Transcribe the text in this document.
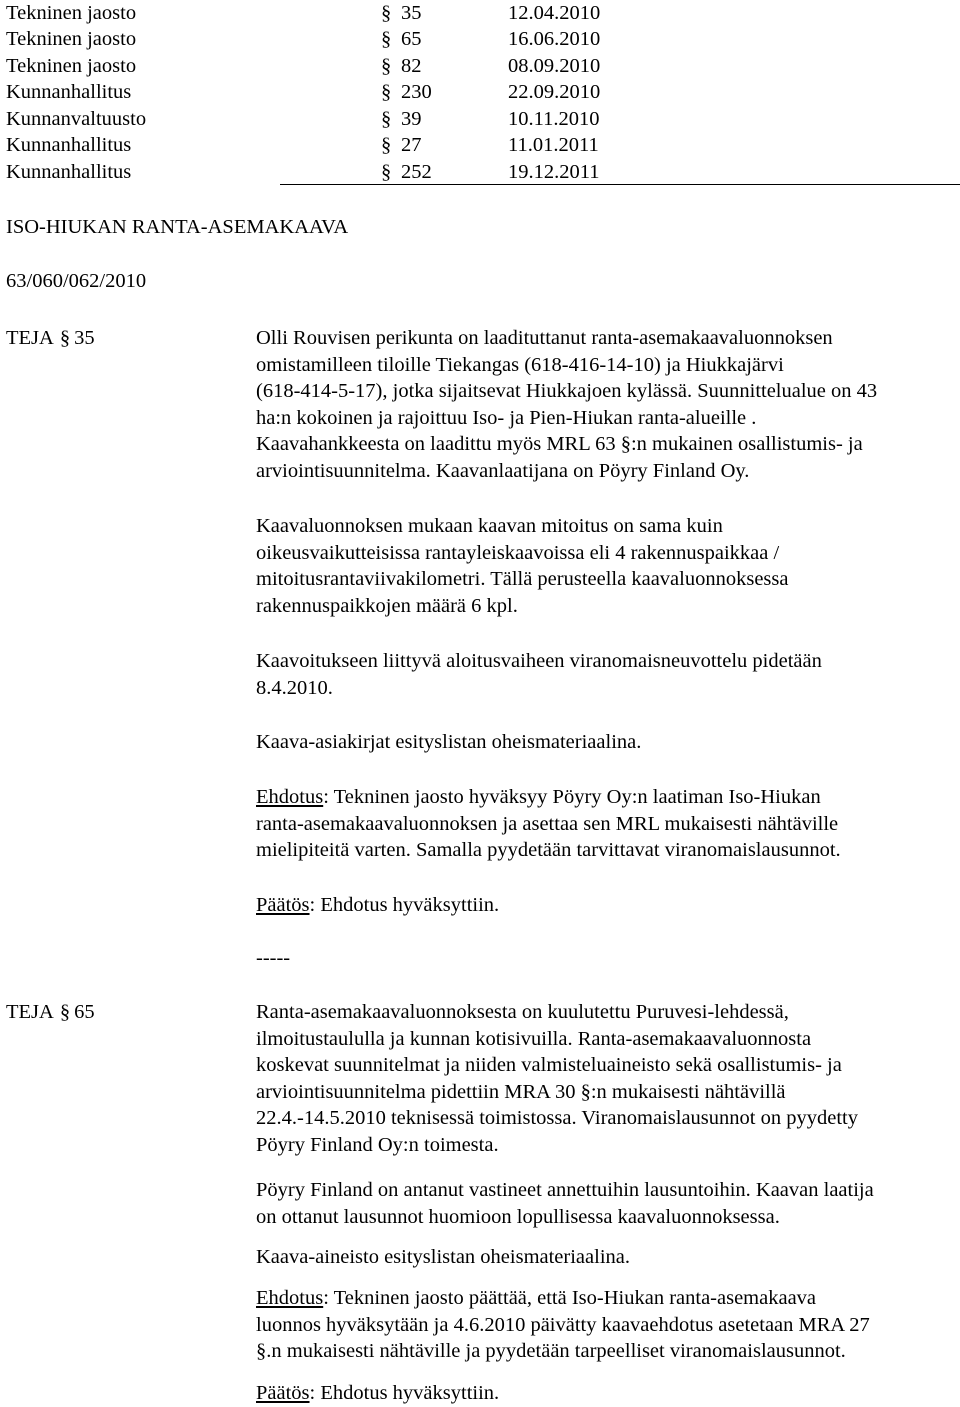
Tekninen jaosto	§ 35	12.04.2010
Tekninen jaosto	§ 65	16.06.2010
Tekninen jaosto	§ 82	08.09.2010
Kunnanhallitus	§ 230	22.09.2010
Kunnanvaltuusto	§ 39	10.11.2010
Kunnanhallitus	§ 27	11.01.2011
Kunnanhallitus	§ 252	19.12.2011
ISO-HIUKAN RANTA-ASEMAKAAVA
63/060/062/2010
TEJA § 35	Olli Rouvisen perikunta on laadituttanut ranta-asemakaavaluonnoksen

omistamilleen tiloille Tiekangas (618-416-14-10) ja Hiukkajärvi

(618-414-5-17), jotka sijaitsevat Hiukkajoen kylässä. Suunnittelualue on 43

ha:n kokoinen ja rajoittuu Iso- ja Pien-Hiukan ranta-alueille .

Kaavahankkeesta on laadittu myös MRL 63 §:n mukainen osallistumis- ja

arviointisuunnitelma. Kaavanlaatijana on Pöyry Finland Oy.

Kaavaluonnoksen mukaan kaavan mitoitus on sama kuin

oikeusvaikutteisissa rantayleiskaavoissa eli 4 rakennuspaikkaa /

mitoitusrantaviivakilometri. Tällä perusteella kaavaluonnoksessa

rakennuspaikkojen määrä 6 kpl.

Kaavoitukseen liittyvä aloitusvaiheen viranomaisneuvottelu pidetään

8.4.2010.

Kaava-asiakirjat esityslistan oheismateriaalina.

Ehdotus: Tekninen jaosto hyväksyy Pöyry Oy:n laatiman Iso-Hiukan

ranta-asemakaavaluonnoksen ja asettaa sen MRL mukaisesti nähtäville

mielipiteitä varten. Samalla pyydetään tarvittavat viranomaislausunnot.

Päätös: Ehdotus hyväksyttiin.

-----

TEJA § 65	Ranta-asemakaavaluonnoksesta on kuulutettu Puruvesi-lehdessä,

ilmoitustaululla ja kunnan kotisivuilla. Ranta-asemakaavaluonnosta

koskevat suunnitelmat ja niiden valmisteluaineisto sekä osallistumis- ja

arviointisuunnitelma pidettiin MRA 30 §:n mukaisesti nähtävillä

22.4.-14.5.2010 teknisessä toimistossa. Viranomaislausunnot on pyydetty

Pöyry Finland Oy:n toimesta.

Pöyry Finland on antanut vastineet annettuihin lausuntoihin. Kaavan laatija

on ottanut lausunnot huomioon lopullisessa kaavaluonnoksessa.

Kaava-aineisto esityslistan oheismateriaalina.

Ehdotus: Tekninen jaosto päättää, että Iso-Hiukan ranta-asemakaava

luonnos hyväksytään ja 4.6.2010 päivätty kaavaehdotus asetetaan MRA 27

§.n mukaisesti nähtäville ja pyydetään tarpeelliset viranomaislausunnot.

Päätös: Ehdotus hyväksyttiin.
